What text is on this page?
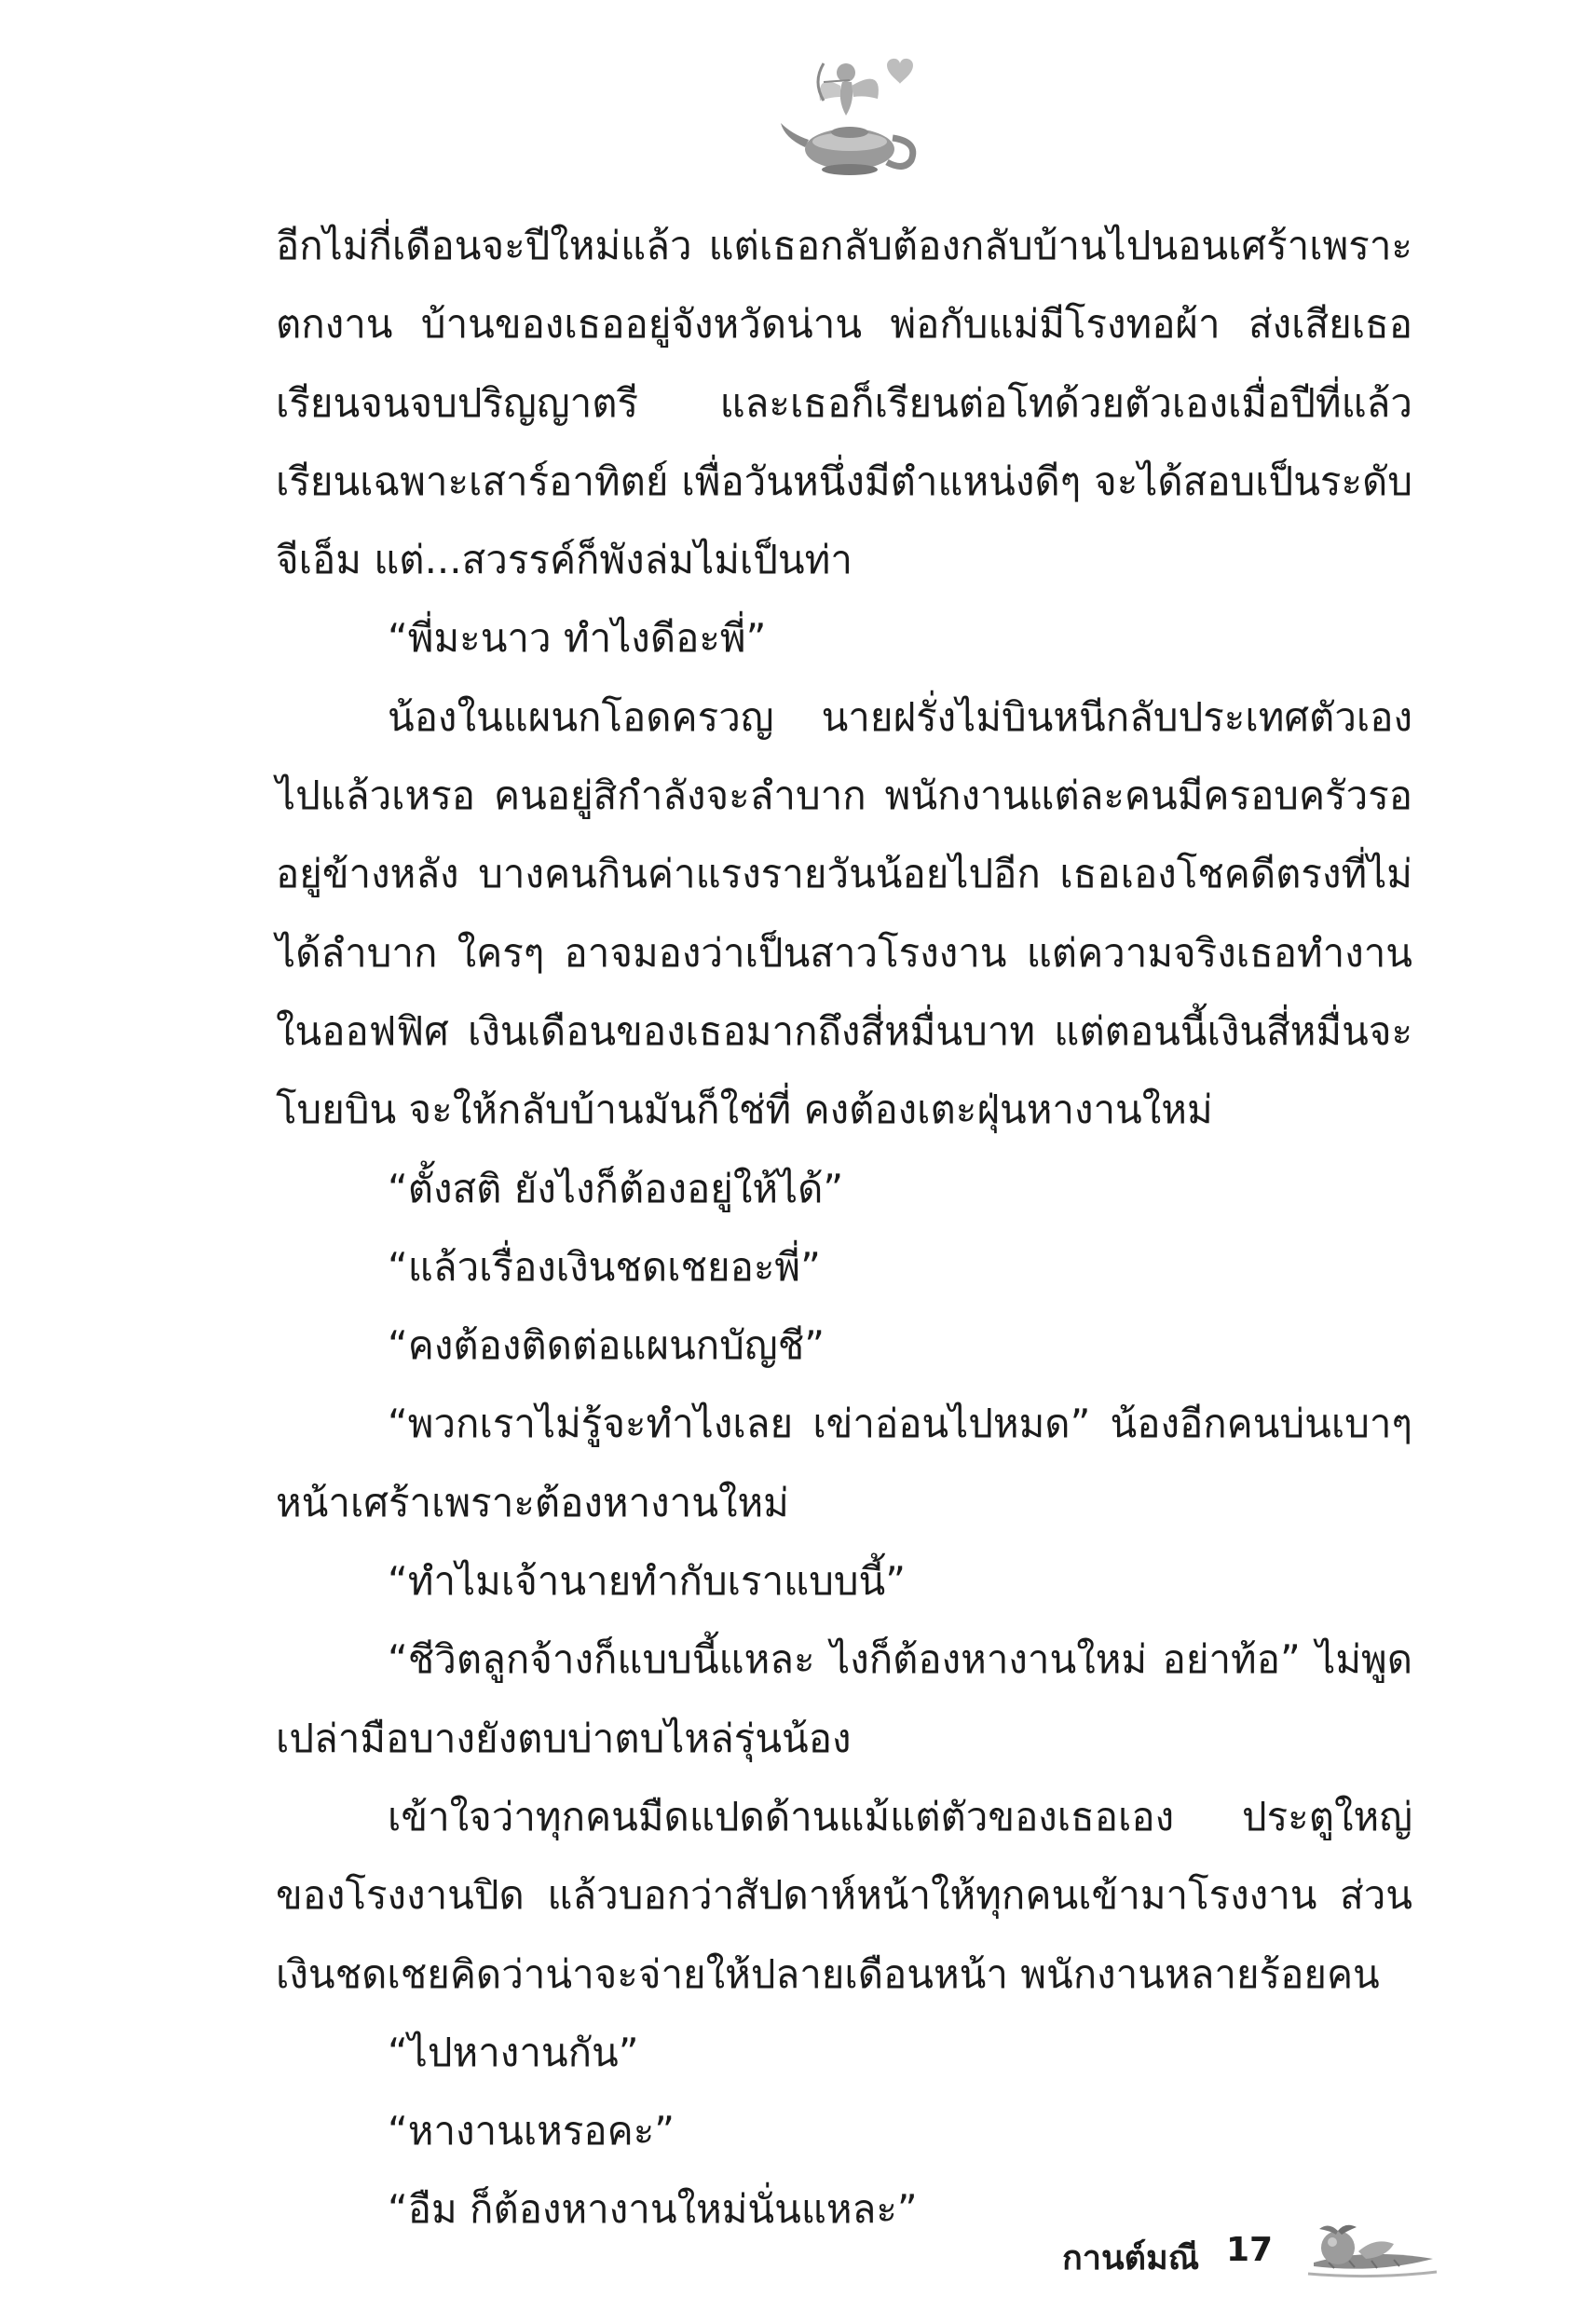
อีกไม่กี่เดือนจะปีใหม่แล้ว แต่เธอกลับต้องกลับบ้านไปนอนเศร้าเพราะตกงาน บ้านของเธออยู่จังหวัดน่าน พ่อกับแม่มีโรงทอผ้า ส่งเสียเธอเรียนจนจบปริญญาตรี และเธอก็เรียนต่อโทด้วยตัวเองเมื่อปีที่แล้ว เรียนเฉพาะเสาร์อาทิตย์ เพื่อวันหนึ่งมีตำแหน่งดีๆ จะได้สอบเป็นระดับจีเอ็ม แต่...สวรรค์ก็พังล่มไม่เป็นท่า

“พี่มะนาว ทำไงดีอะพี่”

น้องในแผนกโอดครวญ นายฝรั่งไม่บินหนีกลับประเทศตัวเองไปแล้วเหรอ คนอยู่สิกำลังจะลำบาก พนักงานแต่ละคนมีครอบครัวรออยู่ข้างหลัง บางคนกินค่าแรงรายวันน้อยไปอีก เธอเองโชคดีตรงที่ไม่ได้ลำบาก ใครๆ อาจมองว่าเป็นสาวโรงงาน แต่ความจริงเธอทำงานในออฟฟิศ เงินเดือนของเธอมากถึงสี่หมื่นบาท แต่ตอนนี้เงินสี่หมื่นจะโบยบิน จะให้กลับบ้านมันก็ใช่ที่ คงต้องเตะฝุ่นหางานใหม่

“ตั้งสติ ยังไงก็ต้องอยู่ให้ได้”

“แล้วเรื่องเงินชดเชยอะพี่”

“คงต้องติดต่อแผนกบัญชี”

“พวกเราไม่รู้จะทำไงเลย เข่าอ่อนไปหมด” น้องอีกคนบ่นเบาๆ หน้าเศร้าเพราะต้องหางานใหม่

“ทำไมเจ้านายทำกับเราแบบนี้”

“ชีวิตลูกจ้างก็แบบนี้แหละ ไงก็ต้องหางานใหม่ อย่าท้อ” ไม่พูดเปล่ามือบางยังตบบ่าตบไหล่รุ่นน้อง

เข้าใจว่าทุกคนมืดแปดด้านแม้แต่ตัวของเธอเอง ประตูใหญ่ของโรงงานปิด แล้วบอกว่าสัปดาห์หน้าให้ทุกคนเข้ามาโรงงาน ส่วนเงินชดเชยคิดว่าน่าจะจ่ายให้ปลายเดือนหน้า พนักงานหลายร้อยคน

“ไปหางานกัน”

“หางานเหรอคะ”

“อืม ก็ต้องหางานใหม่นั่นแหละ”

กานต์มณี 17
